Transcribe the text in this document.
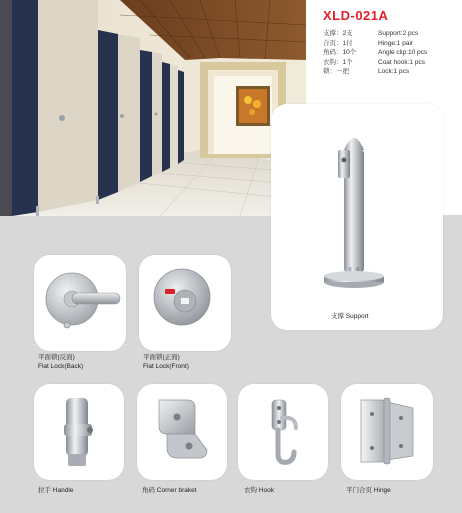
XLD-021A
支撑：2支	Support:2 pcs
合页：1付	Hinge:1 pair
角码：10个	Angle clip:10 pcs
衣钩：1个	Coat hook:1 pcs
锁：一把	Lock:1 pcs
支撑 Support
平面锁(反面)
Flat Lock(Back)
平面锁(正面)
Flat Lock(Front)
拉手 Handle	角码 Corner braket	衣钩 Hook	平门合页 Hinge
